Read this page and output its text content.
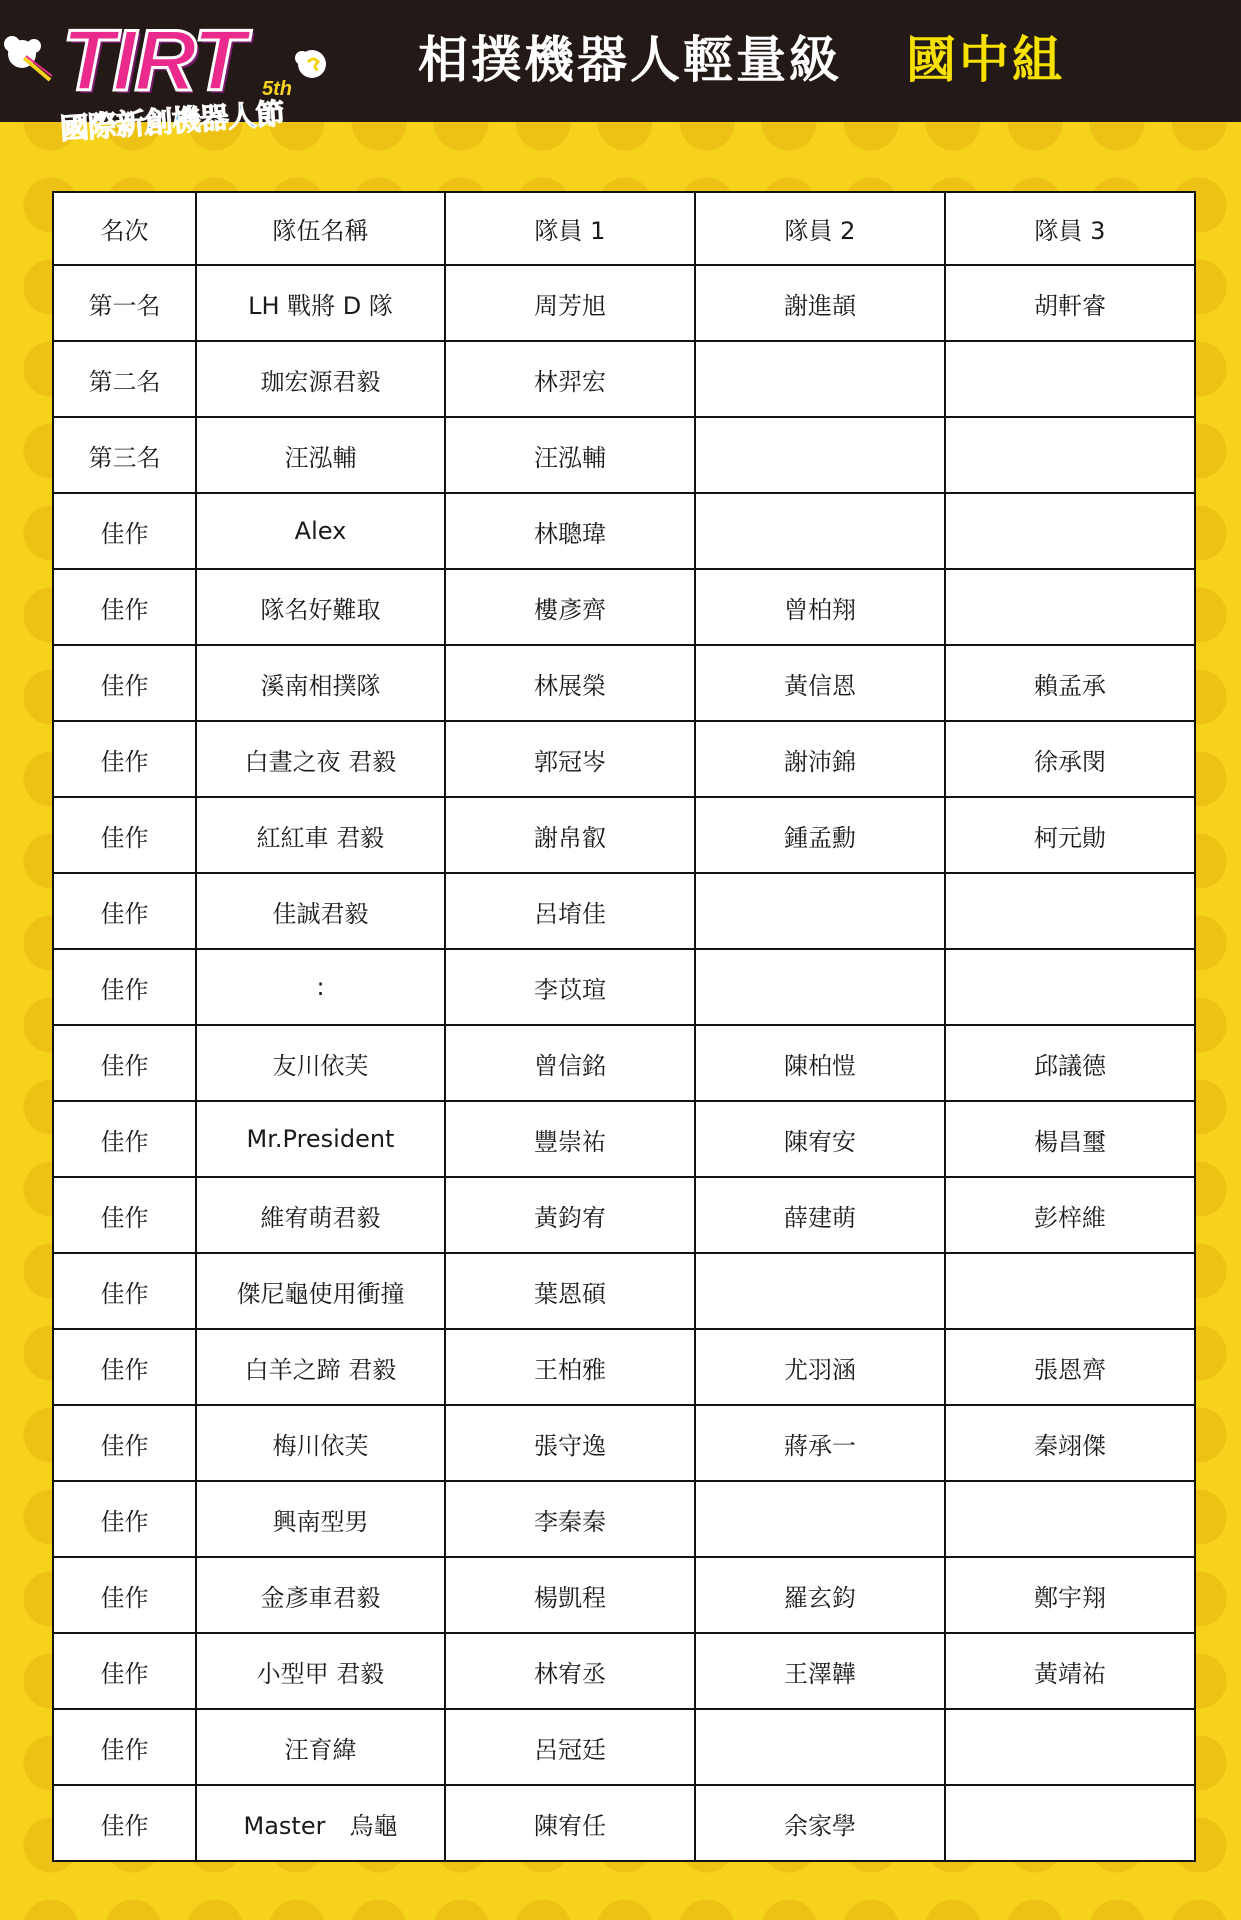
TIRT 5th
國際新創機器人節
相撲機器人輕量級 國中組
名次	隊伍名稱	隊員 1	隊員 2	隊員 3
第一名	LH 戰將 D 隊	周芳旭	謝進頡	胡軒睿
第二名	珈宏源君毅	林羿宏		
第三名	汪泓輔	汪泓輔		
佳作	Alex	林聰瑋		
佳作	隊名好難取	樓彥齊	曾柏翔	
佳作	溪南相撲隊	林展榮	黃信恩	賴孟承
佳作	白晝之夜 君毅	郭冠岑	謝沛錦	徐承閔
佳作	紅紅車 君毅	謝帛叡	鍾孟勳	柯元勛
佳作	佳誠君毅	呂堉佳		
佳作	:	李苡瑄		
佳作	友川依芙	曾信銘	陳柏愷	邱議德
佳作	Mr.President	豐崇祐	陳宥安	楊昌璽
佳作	維宥萌君毅	黃鈞宥	薛建萌	彭梓維
佳作	傑尼龜使用衝撞	葉恩碩		
佳作	白羊之蹄 君毅	王柏雅	尤羽涵	張恩齊
佳作	梅川依芙	張守逸	蔣承一	秦翊傑
佳作	興南型男	李秦秦		
佳作	金彥車君毅	楊凱程	羅玄鈞	鄭宇翔
佳作	小型甲 君毅	林宥丞	王澤韡	黃靖祐
佳作	汪育緯	呂冠廷		
佳作	Master　烏龜	陳宥任	余家學	
